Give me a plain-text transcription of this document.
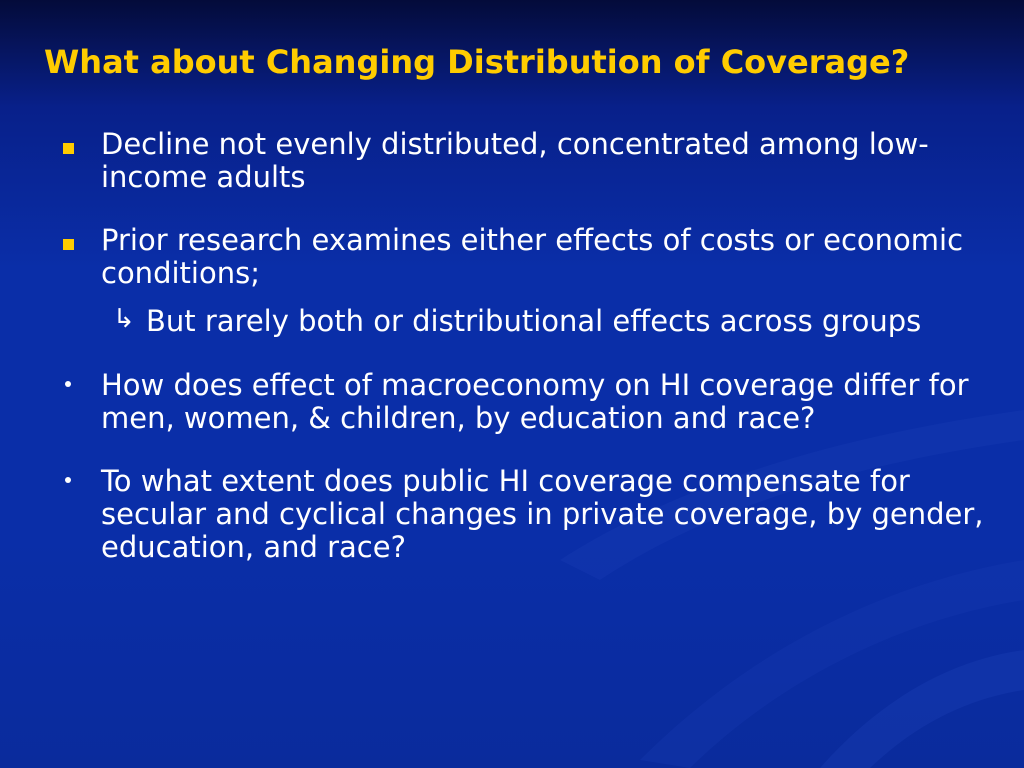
What about Changing Distribution of Coverage?
Decline not evenly distributed, concentrated among low-income adults
Prior research examines either effects of costs or economic conditions;
↳ But rarely both or distributional effects across groups
How does effect of macroeconomy on HI coverage differ for men, women, & children, by education and race?
To what extent does public HI coverage compensate for secular and cyclical changes in private coverage, by gender, education, and race?
